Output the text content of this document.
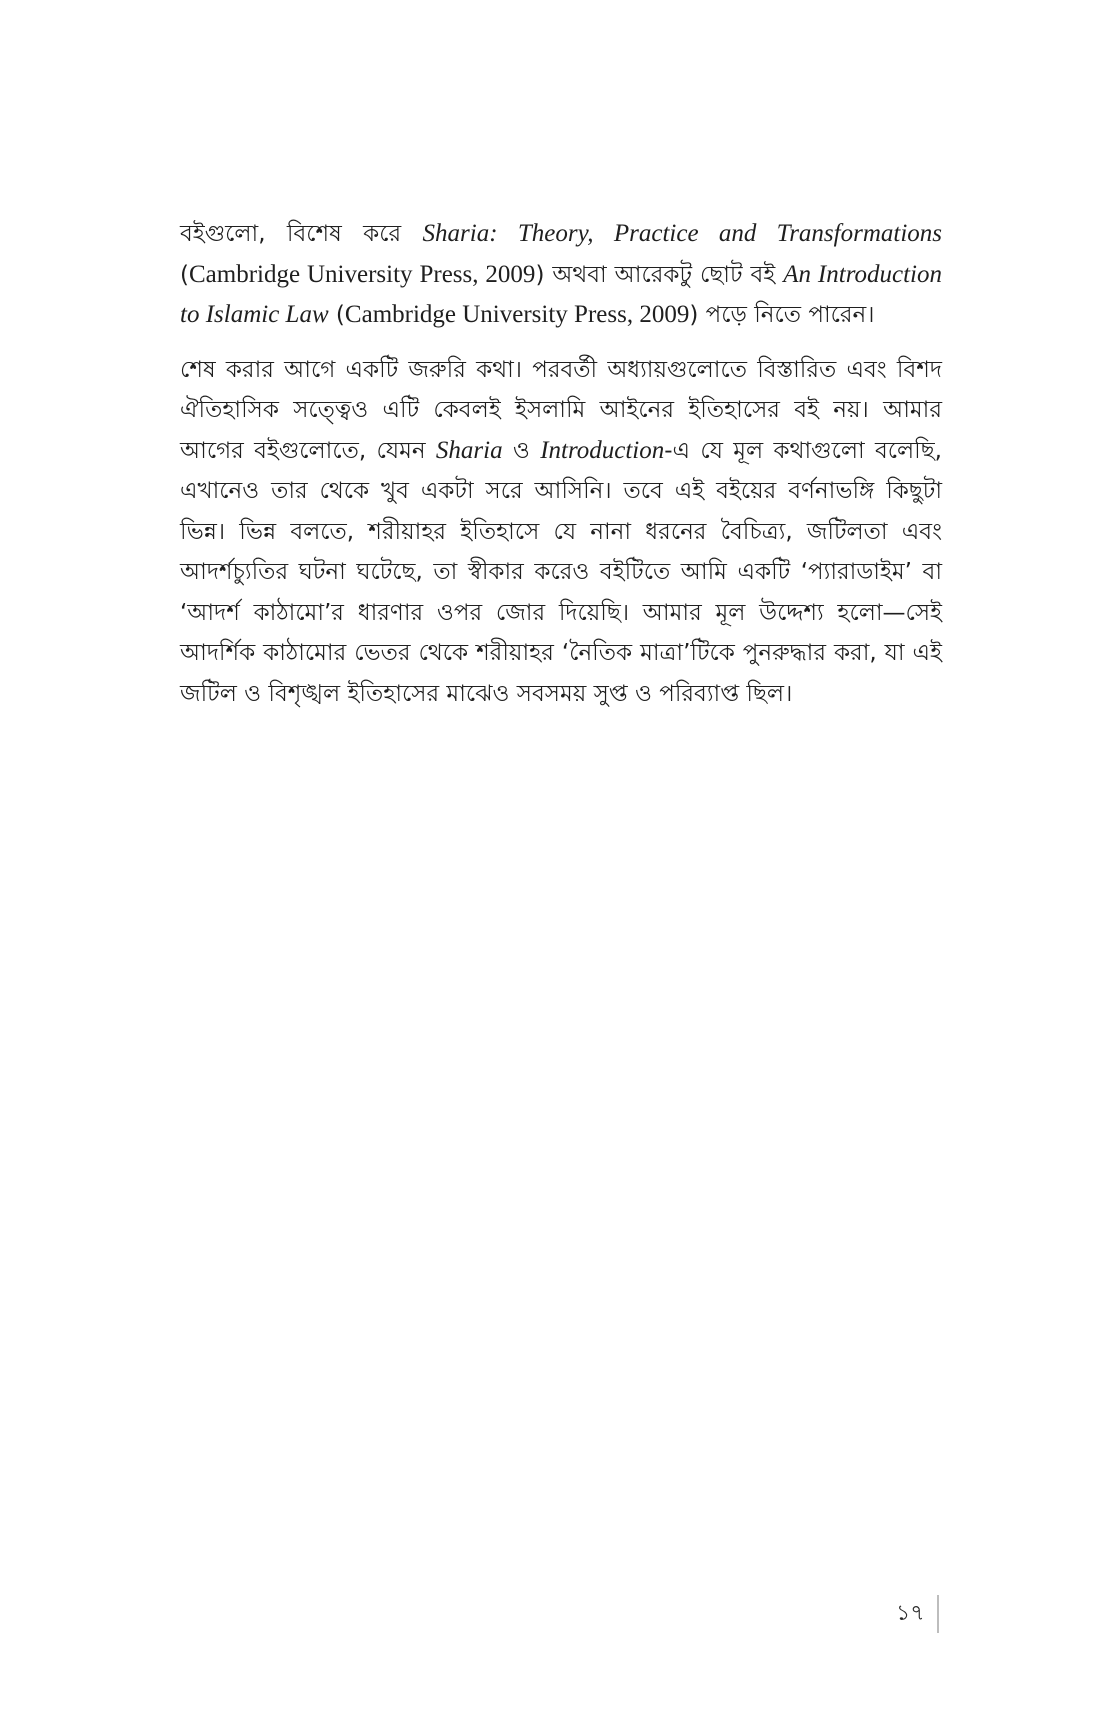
বইগুলো, বিশেষ করে Sharia: Theory, Practice and Transformations (Cambridge University Press, 2009) অথবা আরেকটু ছোট বই An Introduction to Islamic Law (Cambridge University Press, 2009) পড়ে নিতে পারেন।

শেষ করার আগে একটি জরুরি কথা। পরবর্তী অধ্যায়গুলোতে বিস্তারিত এবং বিশদ ঐতিহাসিক সত্ত্বেও এটি কেবলই ইসলামি আইনের ইতিহাসের বই নয়। আমার আগের বইগুলোতে, যেমন Sharia ও Introduction-এ যে মূল কথাগুলো বলেছি, এখানেও তার থেকে খুব একটা সরে আসিনি। তবে এই বইয়ের বর্ণনাভঙ্গি কিছুটা ভিন্ন। ভিন্ন বলতে, শরীয়াহর ইতিহাসে যে নানা ধরনের বৈচিত্র্য, জটিলতা এবং আদর্শচ্যুতির ঘটনা ঘটেছে, তা স্বীকার করেও বইটিতে আমি একটি ‘প্যারাডাইম’ বা ‘আদর্শ কাঠামো’র ধারণার ওপর জোর দিয়েছি। আমার মূল উদ্দেশ্য হলো—সেই আদর্শিক কাঠামোর ভেতর থেকে শরীয়াহর ‘নৈতিক মাত্রা’টিকে পুনরুদ্ধার করা, যা এই জটিল ও বিশৃঙ্খল ইতিহাসের মাঝেও সবসময় সুপ্ত ও পরিব্যাপ্ত ছিল।

১৭
